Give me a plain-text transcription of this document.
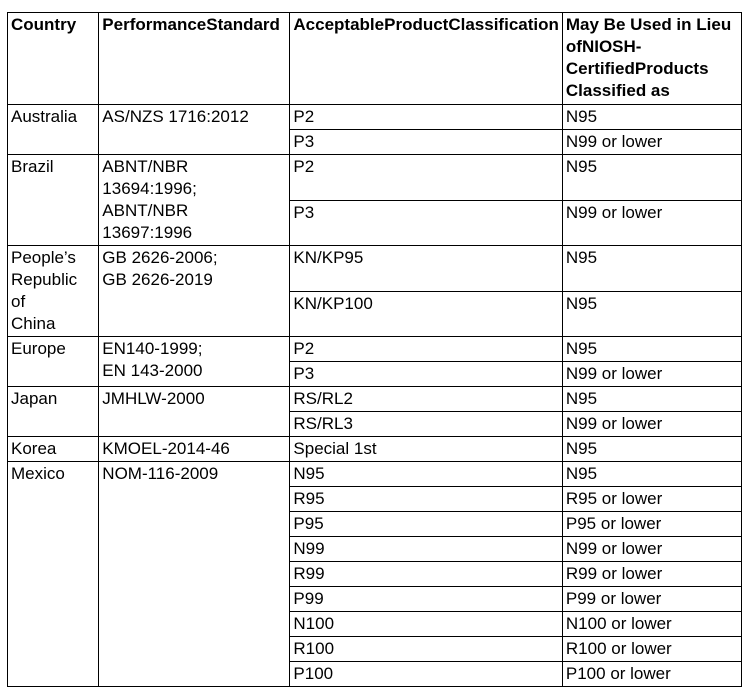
Country	PerformanceStandard	AcceptableProductClassification	May Be Used in Lieu ofNIOSH-CertifiedProducts Classified as

Australia	AS/NZS 1716:2012	P2	N95
		P3	N99 or lower

Brazil	ABNT/NBR
13694:1996;
ABNT/NBR
13697:1996	P2	N95
		P3	N99 or lower

People’s
Republic of
China	GB 2626-2006;
GB 2626-2019	KN/KP95	N95
		KN/KP100	N95

Europe	EN140-1999;
EN 143-2000	P2	N95
		P3	N99 or lower

Japan	JMHLW-2000	RS/RL2	N95
		RS/RL3	N99 or lower

Korea	KMOEL-2014-46	Special 1st	N95

Mexico	NOM-116-2009	N95	N95
		R95	R95 or lower
		P95	P95 or lower
		N99	N99 or lower
		R99	R99 or lower
		P99	P99 or lower
		N100	N100 or lower
		R100	R100 or lower
		P100	P100 or lower
